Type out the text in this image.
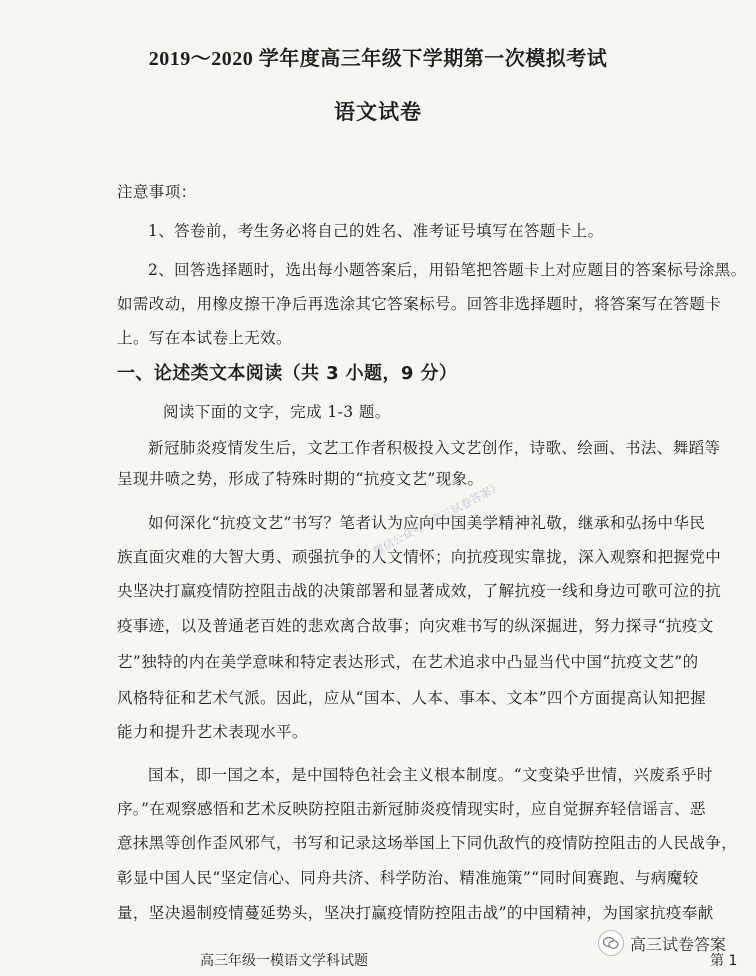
2019～2020 学年度高三年级下学期第一次模拟考试
语文试卷
注意事项：
1、答卷前，考生务必将自己的姓名、准考证号填写在答题卡上。
2、回答选择题时，选出每小题答案后，用铅笔把答题卡上对应题目的答案标号涂黑。
如需改动，用橡皮擦干净后再选涂其它答案标号。回答非选择题时，将答案写在答题卡
上。写在本试卷上无效。
一、论述类文本阅读（共 3 小题，9 分）
阅读下面的文字，完成 1-3 题。
新冠肺炎疫情发生后，文艺工作者积极投入文艺创作，诗歌、绘画、书法、舞蹈等
呈现井喷之势，形成了特殊时期的“抗疫文艺”现象。
如何深化“抗疫文艺”书写？笔者认为应向中国美学精神礼敬，继承和弘扬中华民
族直面灾难的大智大勇、顽强抗争的人文情怀；向抗疫现实靠拢，深入观察和把握党中
央坚决打赢疫情防控阻击战的决策部署和显著成效，了解抗疫一线和身边可歌可泣的抗
疫事迹，以及普通老百姓的悲欢离合故事；向灾难书写的纵深掘进，努力探寻“抗疫文
艺”独特的内在美学意味和特定表达形式，在艺术追求中凸显当代中国“抗疫文艺”的
风格特征和艺术气派。因此，应从“国本、人本、事本、文本”四个方面提高认知把握
能力和提升艺术表现水平。
国本，即一国之本，是中国特色社会主义根本制度。“文变染乎世情，兴废系乎时
序。”在观察感悟和艺术反映防控阻击新冠肺炎疫情现实时，应自觉摒弃轻信谣言、恶
意抹黑等创作歪风邪气，书写和记录这场举国上下同仇敌忾的疫情防控阻击的人民战争，
彰显中国人民“坚定信心、同舟共济、科学防治、精准施策”“同时间赛跑、与病魔较
量，坚决遏制疫情蔓延势头，坚决打赢疫情防控阻击战”的中国精神，为国家抗疫奉献
微信公众号《高三试卷答案》
高三年级一模语文学科试题	第 1
高三试卷答案
